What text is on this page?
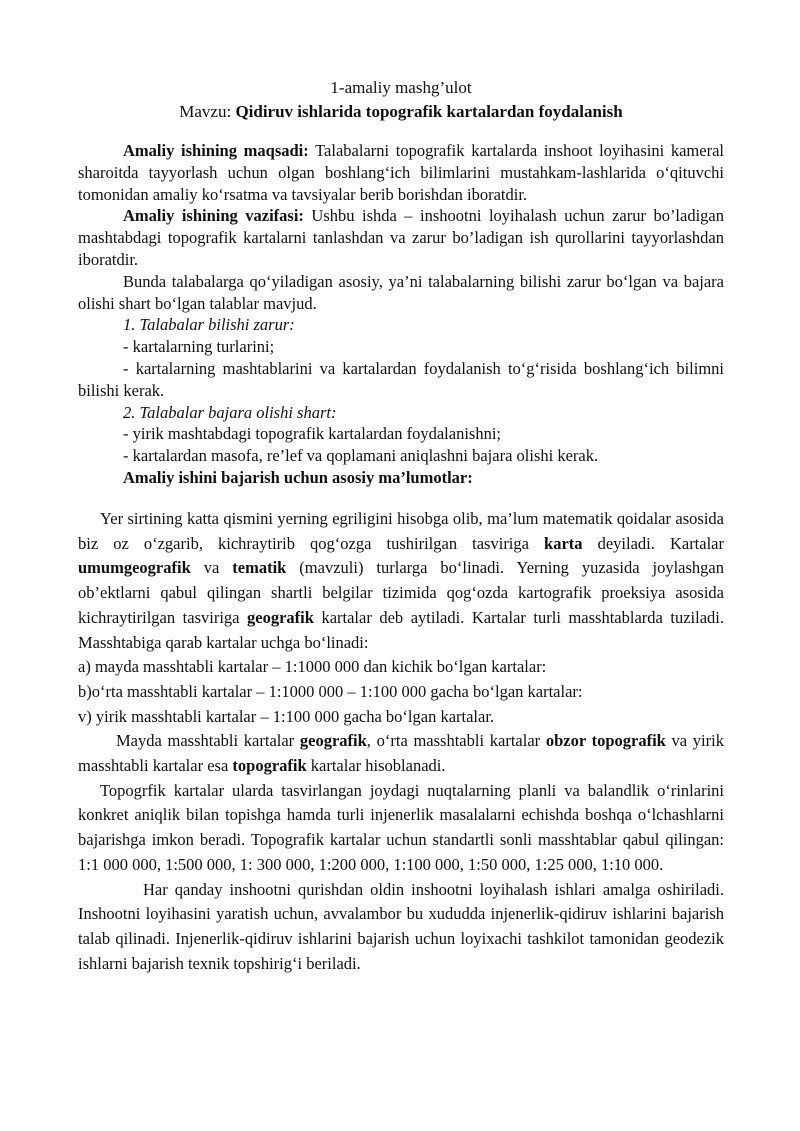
1-amaliy mashg’ulot
Mavzu: Qidiruv ishlarida topografik kartalardan foydalanish

Amaliy ishining maqsadi: Talabalarni topografik kartalarda inshoot loyihasini kameral sharoitda tayyorlash uchun olgan boshlang‘ich bilimlarini mustahkam-lashlarida o‘qituvchi tomonidan amaliy ko‘rsatma va tavsiyalar berib borishdan iboratdir.

Amaliy ishining vazifasi: Ushbu ishda – inshootni loyihalash uchun zarur bo’ladigan mashtabdagi topografik kartalarni tanlashdan va zarur bo’ladigan ish qurollarini tayyorlashdan iboratdir.

Bunda talabalarga qo‘yiladigan asosiy, ya’ni talabalarning bilishi zarur bo‘lgan va bajara olishi shart bo‘lgan talablar mavjud.

1. Talabalar bilishi zarur:

- kartalarning turlarini;

- kartalarning mashtablarini va kartalardan foydalanish to‘g‘risida boshlang‘ich bilimni bilishi kerak.

2. Talabalar bajara olishi shart:

- yirik mashtabdagi topografik kartalardan foydalanishni;

- kartalardan masofa, re’lef va qoplamani aniqlashni bajara olishi kerak.

Amaliy ishini bajarish uchun asosiy ma’lumotlar:

Yer sirtining katta qismini yerning egriligini hisobga olib, ma’lum matematik qoidalar asosida biz oz o‘zgarib, kichraytirib qog‘ozga tushirilgan tasviriga karta deyiladi. Kartalar umumgeografik va tematik (mavzuli) turlarga bo‘linadi. Yerning yuzasida joylashgan ob’ektlarni qabul qilingan shartli belgilar tizimida qog‘ozda kartografik proeksiya asosida kichraytirilgan tasviriga geografik kartalar deb aytiladi. Kartalar turli masshtablarda tuziladi. Masshtabiga qarab kartalar uchga bo‘linadi:

a) mayda masshtabli kartalar – 1:1000 000 dan kichik bo‘lgan kartalar:

b)o‘rta masshtabli kartalar – 1:1000 000 – 1:100 000 gacha bo‘lgan kartalar:

v) yirik masshtabli kartalar – 1:100 000 gacha bo‘lgan kartalar.

Mayda masshtabli kartalar geografik, o‘rta masshtabli kartalar obzor topografik va yirik masshtabli kartalar esa topografik kartalar hisoblanadi.

Topogrfik kartalar ularda tasvirlangan joydagi nuqtalarning planli va balandlik o‘rinlarini konkret aniqlik bilan topishga hamda turli injenerlik masalalarni echishda boshqa o‘lchashlarni bajarishga imkon beradi. Topografik kartalar uchun standartli sonli masshtablar qabul qilingan: 1:1 000 000, 1:500 000, 1: 300 000, 1:200 000, 1:100 000, 1:50 000, 1:25 000, 1:10 000.

Har qanday inshootni qurishdan oldin inshootni loyihalash ishlari amalga oshiriladi. Inshootni loyihasini yaratish uchun, avvalambor bu xududda injenerlik-qidiruv ishlarini bajarish talab qilinadi. Injenerlik-qidiruv ishlarini bajarish uchun loyixachi tashkilot tamonidan geodezik ishlarni bajarish texnik topshirig‘i beriladi.
